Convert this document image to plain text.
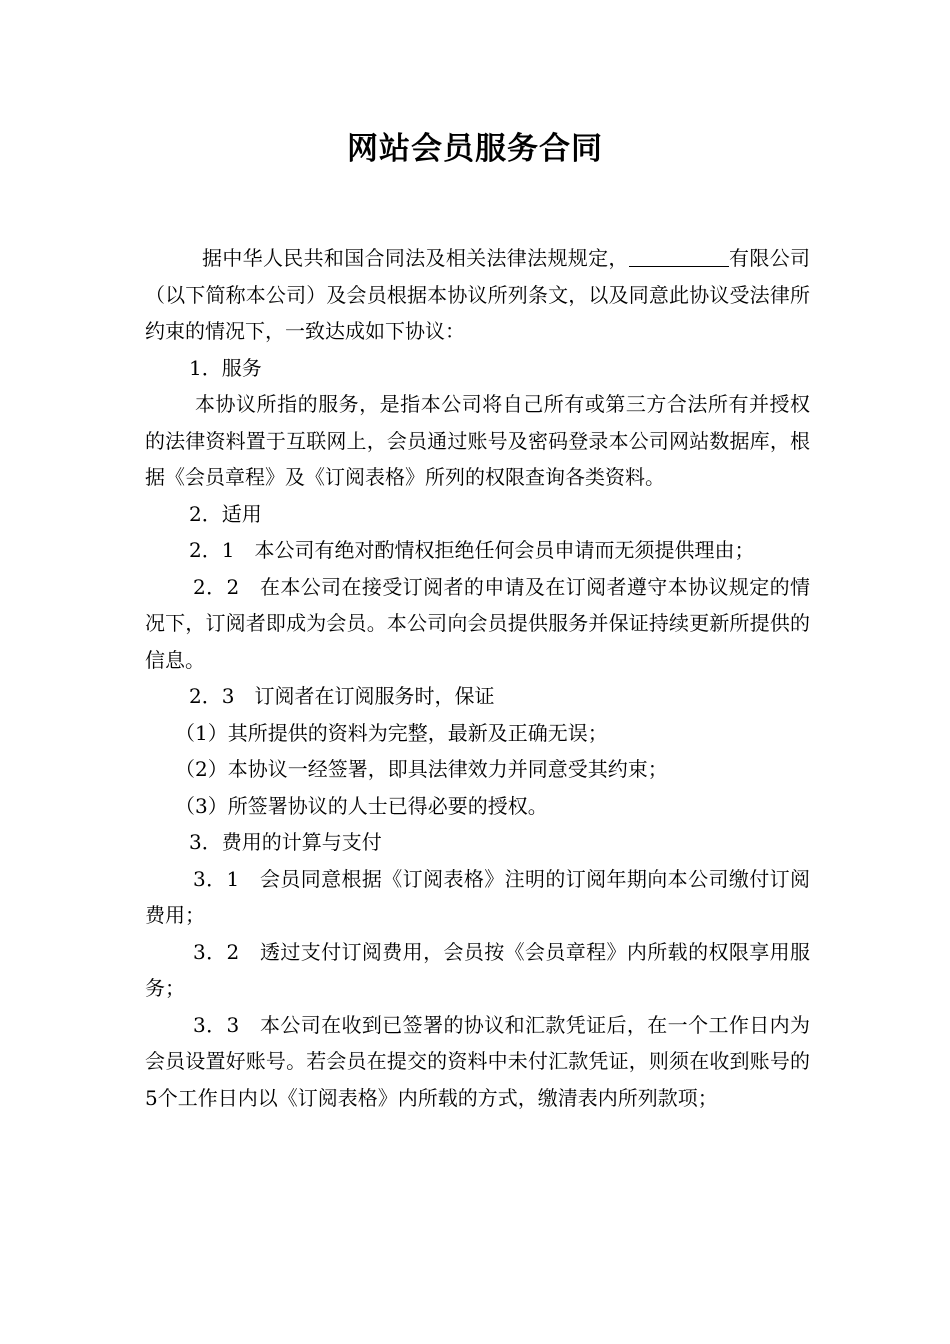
网站会员服务合同

据中华人民共和国合同法及相关法律法规规定，	有限公司（以下简称本公司）及会员根据本协议所列条文，以及同意此协议受法律所约束的情况下，一致达成如下协议：

1．服务

本协议所指的服务，是指本公司将自己所有或第三方合法所有并授权的法律资料置于互联网上，会员通过账号及密码登录本公司网站数据库，根据《会员章程》及《订阅表格》所列的权限查询各类资料。

2．适用

2．1　本公司有绝对酌情权拒绝任何会员申请而无须提供理由；

2．2　在本公司在接受订阅者的申请及在订阅者遵守本协议规定的情况下，订阅者即成为会员。本公司向会员提供服务并保证持续更新所提供的信息。

2．3　订阅者在订阅服务时，保证

（1）其所提供的资料为完整，最新及正确无误；

（2）本协议一经签署，即具法律效力并同意受其约束；

（3）所签署协议的人士已得必要的授权。

3．费用的计算与支付

3．1　会员同意根据《订阅表格》注明的订阅年期向本公司缴付订阅费用；

3．2　透过支付订阅费用，会员按《会员章程》内所载的权限享用服务；

3．3　本公司在收到已签署的协议和汇款凭证后，在一个工作日内为会员设置好账号。若会员在提交的资料中未付汇款凭证，则须在收到账号的5个工作日内以《订阅表格》内所载的方式，缴清表内所列款项；
